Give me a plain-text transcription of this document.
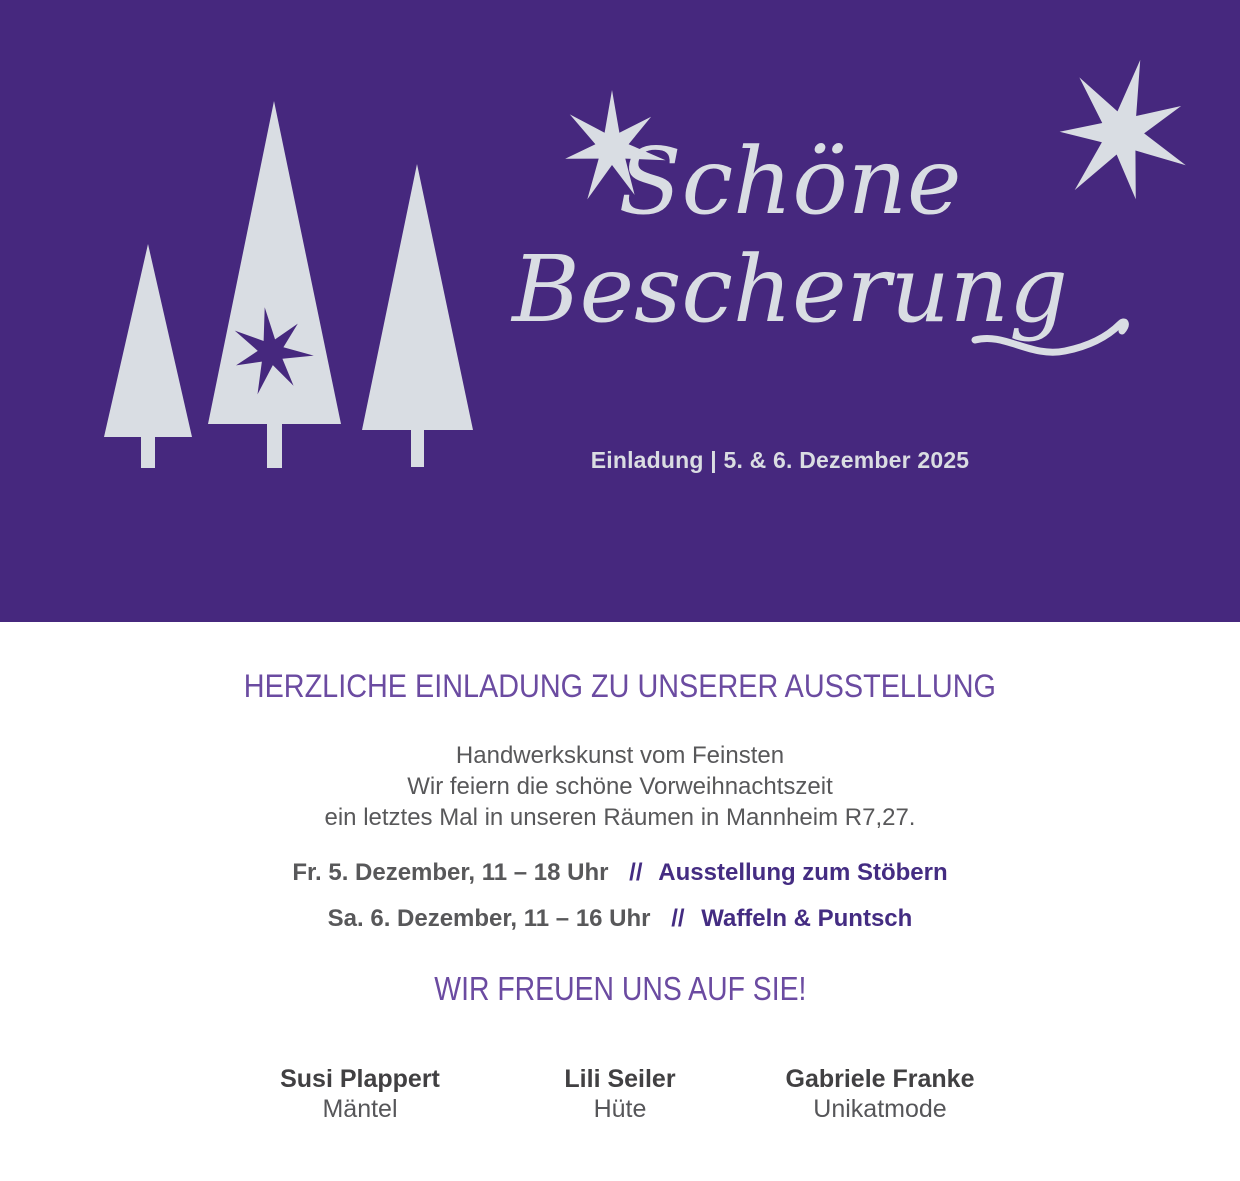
Schöne
Bescherung
Einladung | 5. & 6. Dezember 2025
HERZLICHE EINLADUNG ZU UNSERER AUSSTELLUNG
Handwerkskunst vom Feinsten
Wir feiern die schöne Vorweihnachtszeit
ein letztes Mal in unseren Räumen in Mannheim R7,27.
Fr. 5. Dezember, 11 – 18 Uhr // Ausstellung zum Stöbern
Sa. 6. Dezember, 11 – 16 Uhr // Waffeln & Puntsch
WIR FREUEN UNS AUF SIE!
Susi Plappert
Mäntel
Lili Seiler
Hüte
Gabriele Franke
Unikatmode
